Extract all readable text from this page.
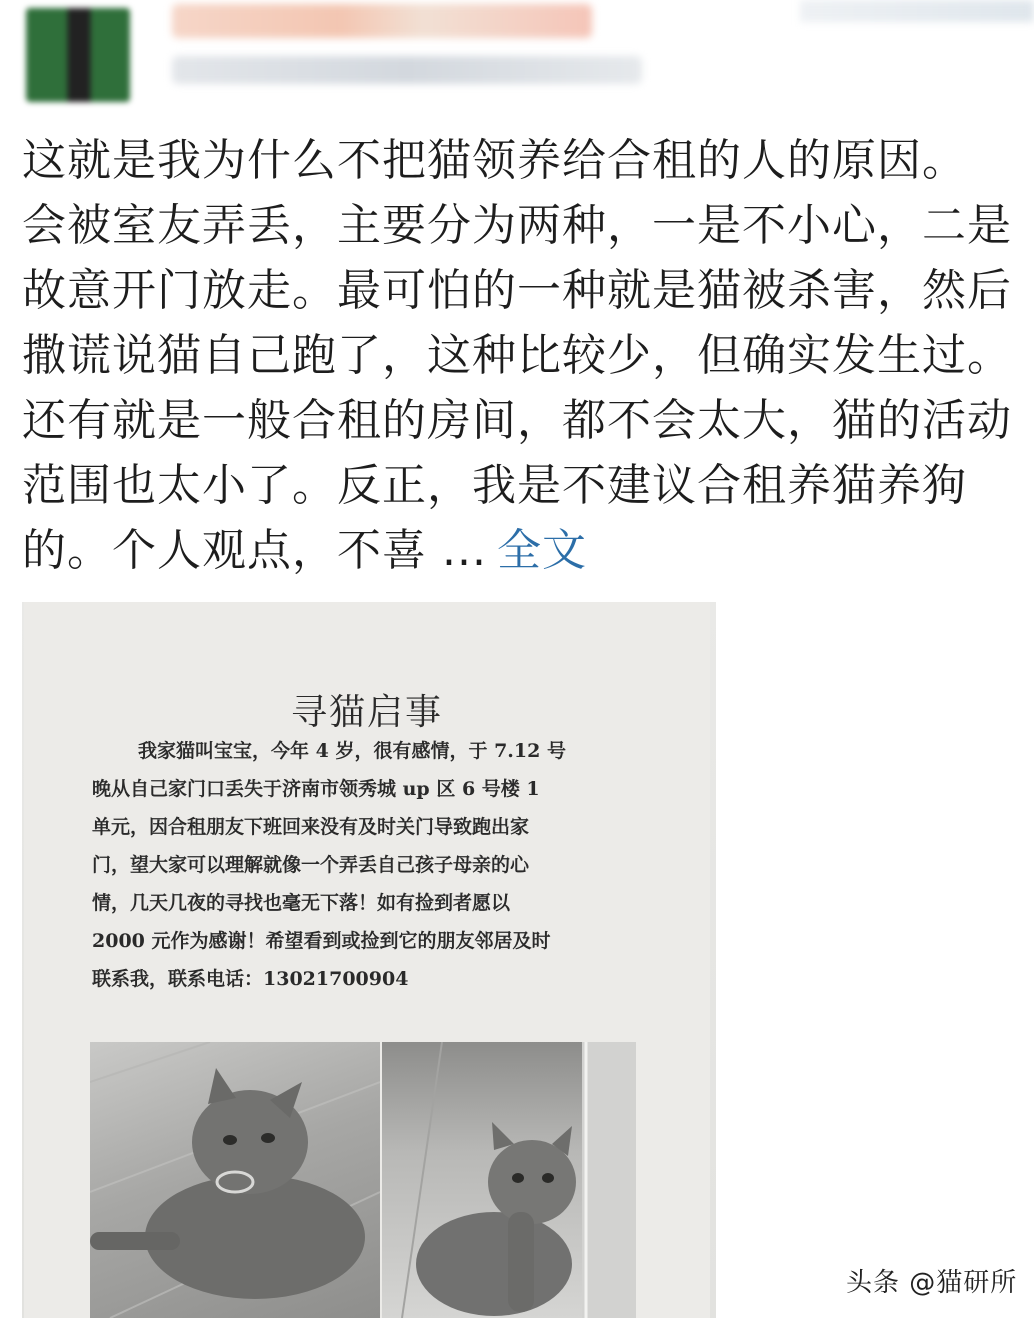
这就是我为什么不把猫领养给合租的人的原因。
会被室友弄丢，主要分为两种，一是不小心，二是
故意开门放走。最可怕的一种就是猫被杀害，然后
撒谎说猫自己跑了，这种比较少，但确实发生过。
还有就是一般合租的房间，都不会太大，猫的活动
范围也太小了。反正，我是不建议合租养猫养狗
的。个人观点，不喜 ... 全文
寻猫启事
我家猫叫宝宝，今年 4 岁，很有感情，于 7.12 号
晚从自己家门口丢失于济南市领秀城 up 区 6 号楼 1
单元，因合租朋友下班回来没有及时关门导致跑出家
门，望大家可以理解就像一个弄丢自己孩子母亲的心
情，几天几夜的寻找也毫无下落！如有捡到者愿以
2000 元作为感谢！希望看到或捡到它的朋友邻居及时
联系我，联系电话：13021700904
头条 @猫研所
